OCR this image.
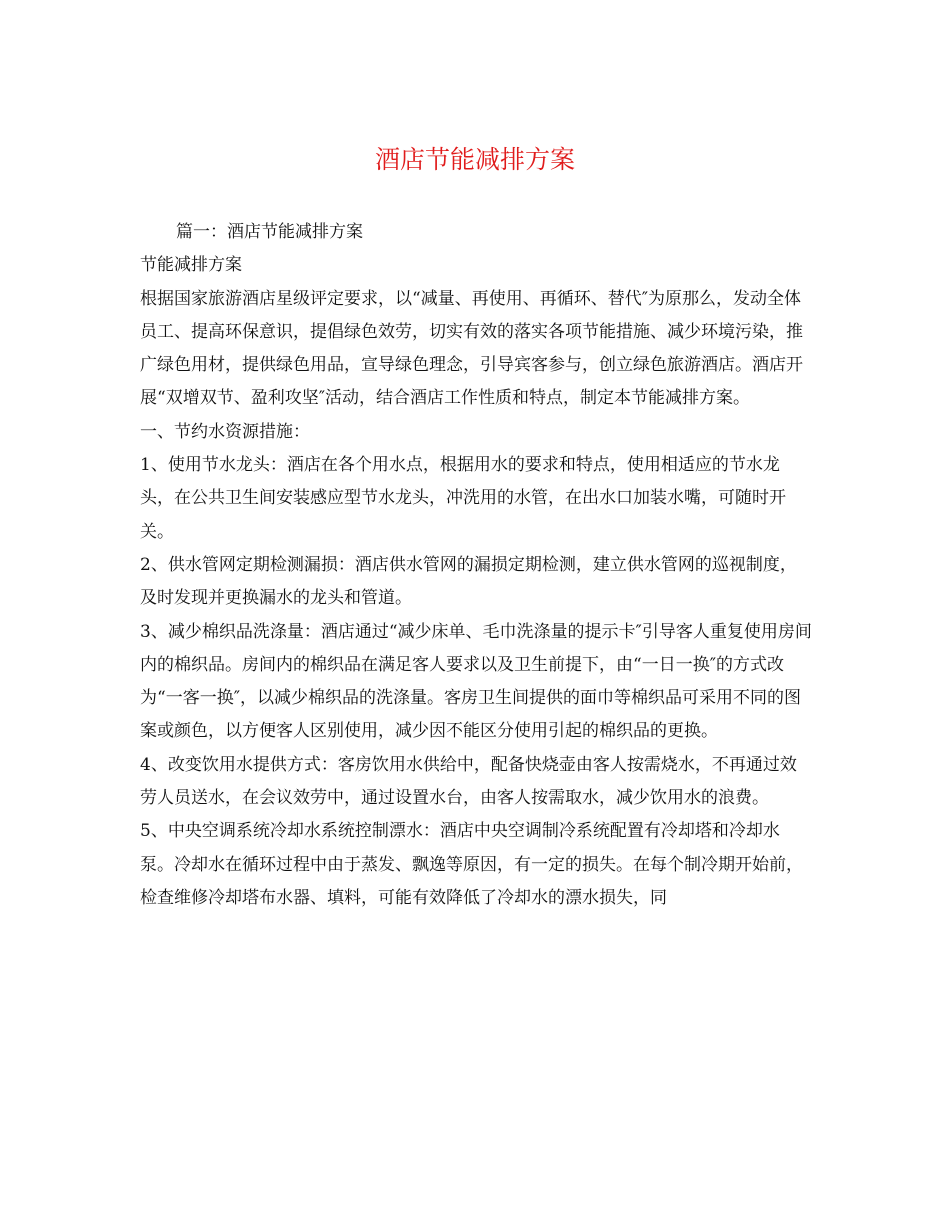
酒店节能减排方案

篇一：酒店节能减排方案

节能减排方案

根据国家旅游酒店星级评定要求，以“减量、再使用、再循环、替代″为原那么，发动全体员工、提高环保意识，提倡绿色效劳，切实有效的落实各项节能措施、减少环境污染，推广绿色用材，提供绿色用品，宣导绿色理念，引导宾客参与，创立绿色旅游酒店。酒店开展“双增双节、盈利攻坚″活动，结合酒店工作性质和特点，制定本节能减排方案。

一、节约水资源措施：

1、使用节水龙头：酒店在各个用水点，根据用水的要求和特点，使用相适应的节水龙头，在公共卫生间安装感应型节水龙头，冲洗用的水管，在出水口加装水嘴，可随时开关。

2、供水管网定期检测漏损：酒店供水管网的漏损定期检测，建立供水管网的巡视制度，及时发现并更换漏水的龙头和管道。

3、减少棉织品洗涤量：酒店通过“减少床单、毛巾洗涤量的提示卡″引导客人重复使用房间内的棉织品。房间内的棉织品在满足客人要求以及卫生前提下，由“一日一换″的方式改为“一客一换″，以减少棉织品的洗涤量。客房卫生间提供的面巾等棉织品可采用不同的图案或颜色，以方便客人区别使用，减少因不能区分使用引起的棉织品的更换。

4、改变饮用水提供方式：客房饮用水供给中，配备快烧壶由客人按需烧水，不再通过效劳人员送水，在会议效劳中，通过设置水台，由客人按需取水，减少饮用水的浪费。

5、中央空调系统冷却水系统控制漂水：酒店中央空调制冷系统配置有冷却塔和冷却水泵。冷却水在循环过程中由于蒸发、飘逸等原因，有一定的损失。在每个制冷期开始前，检查维修冷却塔布水器、填料，可能有效降低了冷却水的漂水损失，同
